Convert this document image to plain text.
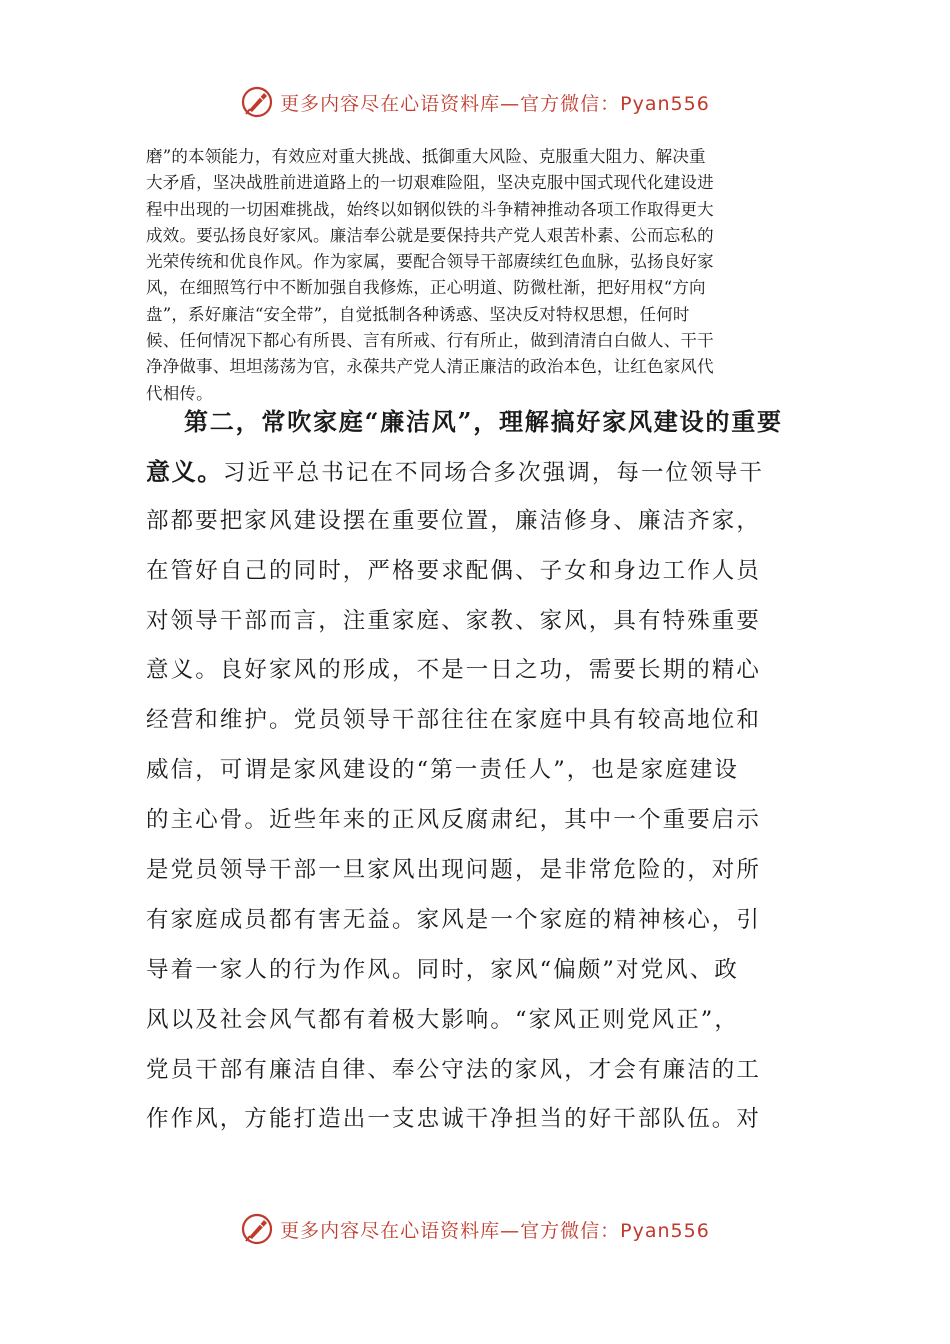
更多内容尽在心语资料库—官方微信：Pyan556
磨”的本领能力，有效应对重大挑战、抵御重大风险、克服重大阻力、解决重
大矛盾，坚决战胜前进道路上的一切艰难险阻，坚决克服中国式现代化建设进
程中出现的一切困难挑战，始终以如钢似铁的斗争精神推动各项工作取得更大
成效。要弘扬良好家风。廉洁奉公就是要保持共产党人艰苦朴素、公而忘私的
光荣传统和优良作风。作为家属，要配合领导干部赓续红色血脉，弘扬良好家
风，在细照笃行中不断加强自我修炼，正心明道、防微杜渐，把好用权“方向
盘”，系好廉洁“安全带”，自觉抵制各种诱惑、坚决反对特权思想，任何时
候、任何情况下都心有所畏、言有所戒、行有所止，做到清清白白做人、干干
净净做事、坦坦荡荡为官，永葆共产党人清正廉洁的政治本色，让红色家风代
代相传。
第二，常吹家庭“廉洁风”，理解搞好家风建设的重要
意义。习近平总书记在不同场合多次强调，每一位领导干
部都要把家风建设摆在重要位置，廉洁修身、廉洁齐家，
在管好自己的同时，严格要求配偶、子女和身边工作人员
对领导干部而言，注重家庭、家教、家风，具有特殊重要
意义。良好家风的形成，不是一日之功，需要长期的精心
经营和维护。党员领导干部往往在家庭中具有较高地位和
威信，可谓是家风建设的“第一责任人”，也是家庭建设
的主心骨。近些年来的正风反腐肃纪，其中一个重要启示
是党员领导干部一旦家风出现问题，是非常危险的，对所
有家庭成员都有害无益。家风是一个家庭的精神核心，引
导着一家人的行为作风。同时，家风“偏颇”对党风、政
风以及社会风气都有着极大影响。“家风正则党风正”，
党员干部有廉洁自律、奉公守法的家风，才会有廉洁的工
作作风，方能打造出一支忠诚干净担当的好干部队伍。对
更多内容尽在心语资料库—官方微信：Pyan556
